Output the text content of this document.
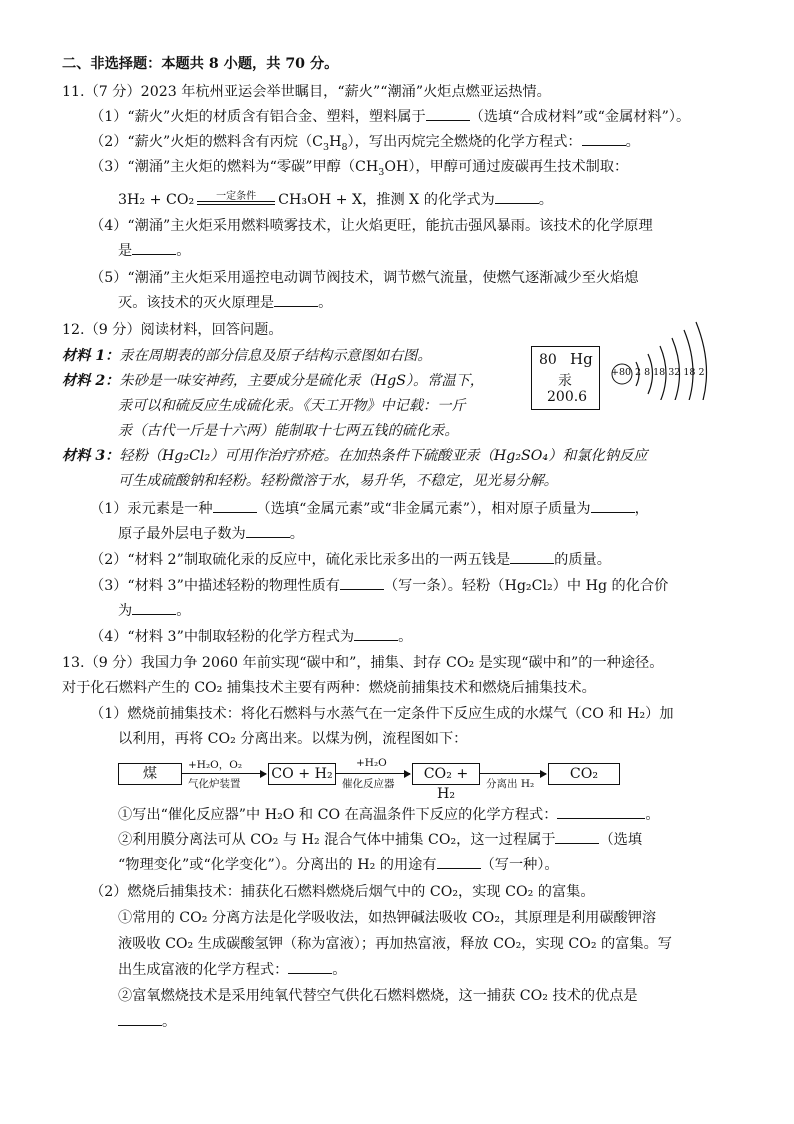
二、非选择题：本题共 8 小题，共 70 分。
11.（7 分）2023 年杭州亚运会举世瞩目，“薪火”“潮涌”火炬点燃亚运热情。
（1）“薪火”火炬的材质含有铝合金、塑料，塑料属于	（选填“合成材料”或“金属材料”）。
（2）“薪火”火炬的燃料含有丙烷$(C_3H_8)$，写出丙烷完全燃烧的化学方程式：	。
（3）“潮涌”主火炬的燃料为“零碳”甲醇$(CH_3OH)$，甲醇可通过废碳再生技术制取：
3H₂ + CO₂	一定条件	CH₃OH + X，推测 X 的化学式为	。
（4）“潮涌”主火炬采用燃料喷雾技术，让火焰更旺，能抗击强风暴雨。该技术的化学原理
是	。
（5）“潮涌”主火炬采用遥控电动调节阀技术，调节燃气流量，使燃气逐渐减少至火焰熄
灭。该技术的灭火原理是	。
12.（9 分）阅读材料，回答问题。
材料 1：汞在周期表的部分信息及原子结构示意图如右图。
材料 2：朱砂是一味安神药，主要成分是硫化汞（HgS）。常温下，
汞可以和硫反应生成硫化汞。《天工开物》中记载：一斤
汞（古代一斤是十六两）能制取十七两五钱的硫化汞。
材料 3：轻粉（Hg₂Cl₂）可用作治疗疥疮。在加热条件下硫酸亚汞（Hg₂SO₄）和氯化钠反应
可生成硫酸钠和轻粉。轻粉微溶于水，易升华，不稳定，见光易分解。
80 Hg
汞
200.6
+80 2 8 18 32 18 2
（1）汞元素是一种	（选填“金属元素”或“非金属元素”），相对原子质量为	，
原子最外层电子数为	。
（2）“材料 2”制取硫化汞的反应中，硫化汞比汞多出的一两五钱是	的质量。
（3）“材料 3”中描述轻粉的物理性质有	（写一条）。轻粉（Hg₂Cl₂）中 Hg 的化合价
为	。
（4）“材料 3”中制取轻粉的化学方程式为	。
13.（9 分）我国力争 2060 年前实现“碳中和”，捕集、封存 CO₂ 是实现“碳中和”的一种途径。
对于化石燃料产生的 CO₂ 捕集技术主要有两种：燃烧前捕集技术和燃烧后捕集技术。
（1）燃烧前捕集技术：将化石燃料与水蒸气在一定条件下反应生成的水煤气（CO 和 H₂）加
以利用，再将 CO₂ 分离出来。以煤为例，流程图如下：
煤
+H₂O，O₂
气化炉装置
CO + H₂
+H₂O
催化反应器
CO₂ + H₂
分离出 H₂
CO₂
①写出“催化反应器”中 H₂O 和 CO 在高温条件下反应的化学方程式：	。
②利用膜分离法可从 CO₂ 与 H₂ 混合气体中捕集 CO₂，这一过程属于	（选填
“物理变化”或“化学变化”）。分离出的 H₂ 的用途有	（写一种）。
（2）燃烧后捕集技术：捕获化石燃料燃烧后烟气中的 CO₂，实现 CO₂ 的富集。
①常用的 CO₂ 分离方法是化学吸收法，如热钾碱法吸收 CO₂，其原理是利用碳酸钾溶
液吸收 CO₂ 生成碳酸氢钾（称为富液）；再加热富液，释放 CO₂，实现 CO₂ 的富集。写
出生成富液的化学方程式：	。
②富氧燃烧技术是采用纯氧代替空气供化石燃料燃烧，这一捕获 CO₂ 技术的优点是
。
